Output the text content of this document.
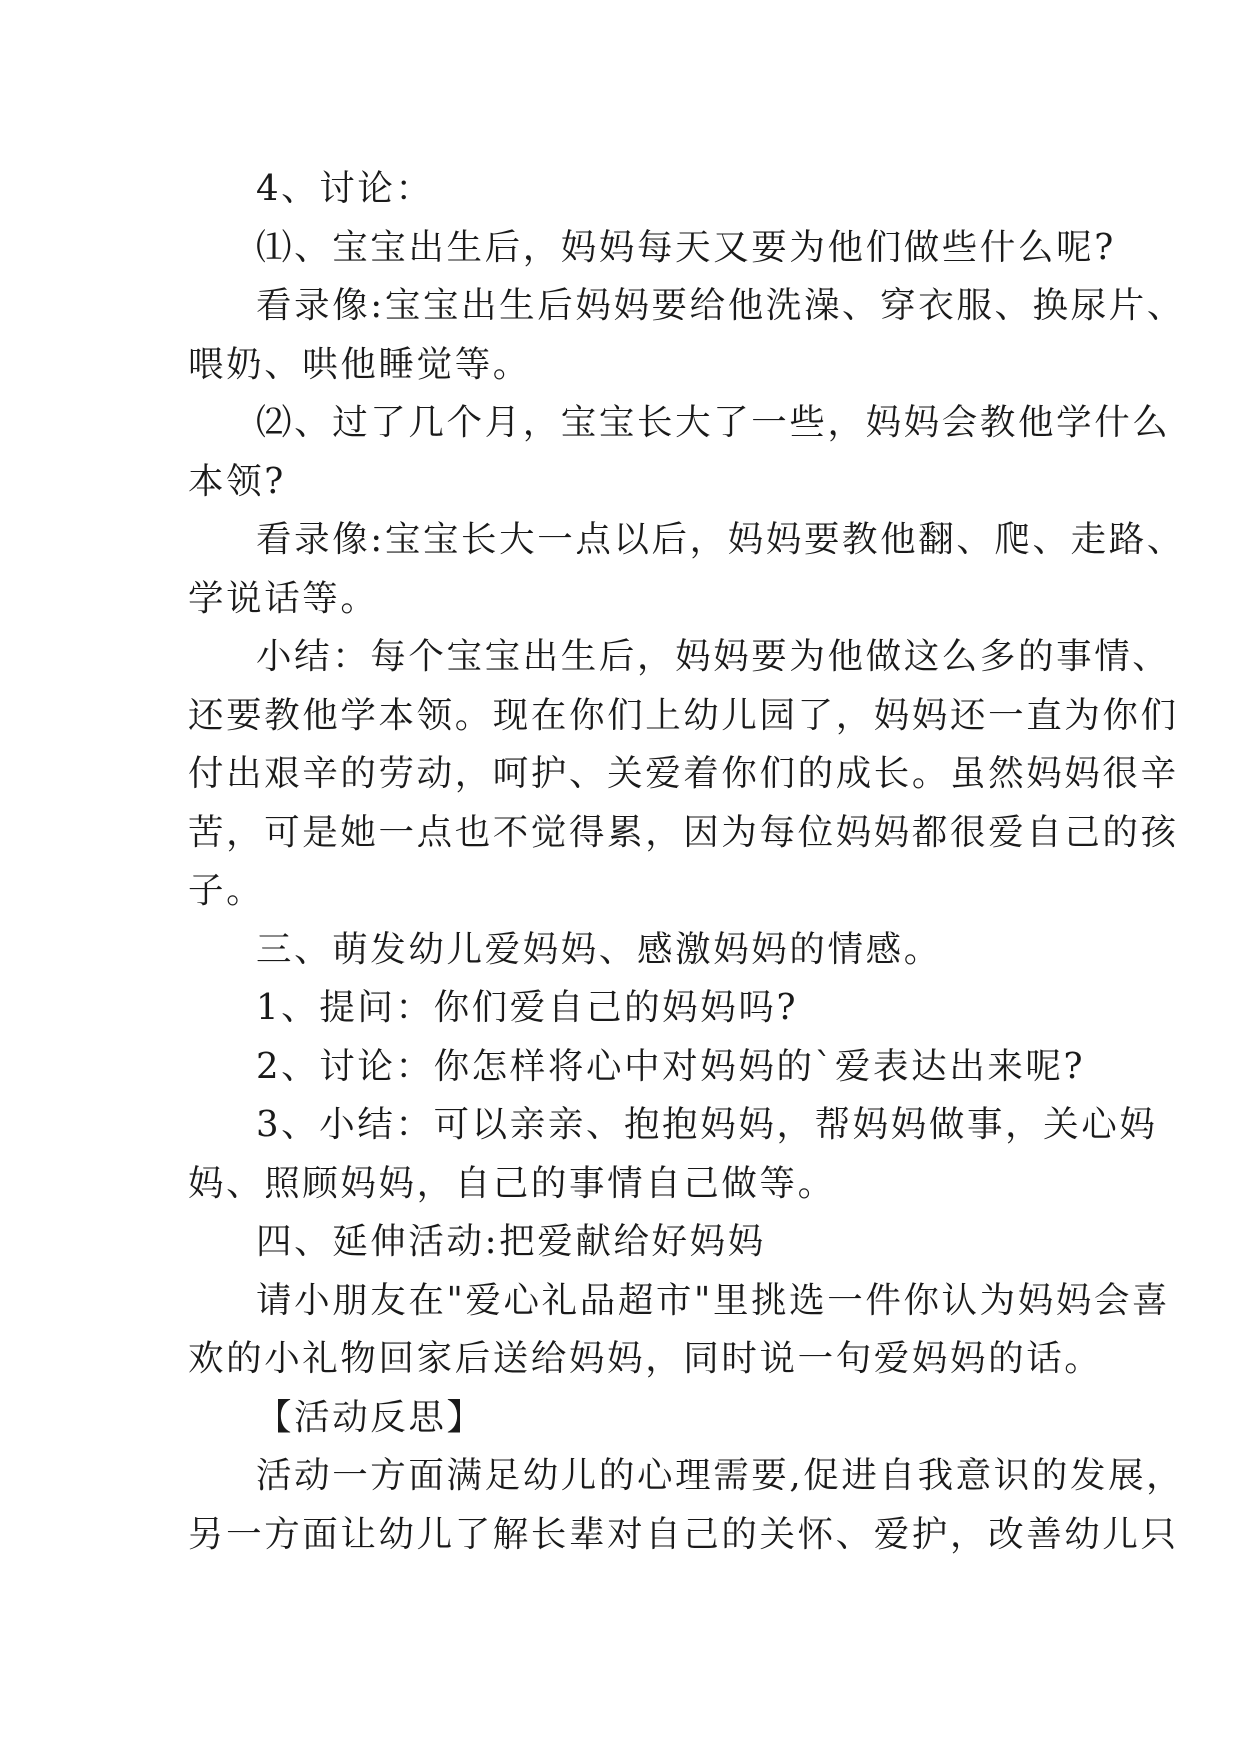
4、讨论：

⑴、宝宝出生后，妈妈每天又要为他们做些什么呢?

看录像:宝宝出生后妈妈要给他洗澡、穿衣服、换尿片、

喂奶、哄他睡觉等。

⑵、过了几个月，宝宝长大了一些，妈妈会教他学什么

本领?

看录像:宝宝长大一点以后，妈妈要教他翻、爬、走路、

学说话等。

小结：每个宝宝出生后，妈妈要为他做这么多的事情、

还要教他学本领。现在你们上幼儿园了，妈妈还一直为你们

付出艰辛的劳动，呵护、关爱着你们的成长。虽然妈妈很辛

苦，可是她一点也不觉得累，因为每位妈妈都很爱自己的孩

子。

三、萌发幼儿爱妈妈、感激妈妈的情感。

1、提问：你们爱自己的妈妈吗?

2、讨论：你怎样将心中对妈妈的`爱表达出来呢?

3、小结：可以亲亲、抱抱妈妈，帮妈妈做事，关心妈

妈、照顾妈妈，自己的事情自己做等。

四、延伸活动:把爱献给好妈妈

请小朋友在"爱心礼品超市"里挑选一件你认为妈妈会喜

欢的小礼物回家后送给妈妈，同时说一句爱妈妈的话。

【活动反思】

活动一方面满足幼儿的心理需要,促进自我意识的发展，

另一方面让幼儿了解长辈对自己的关怀、爱护，改善幼儿只
